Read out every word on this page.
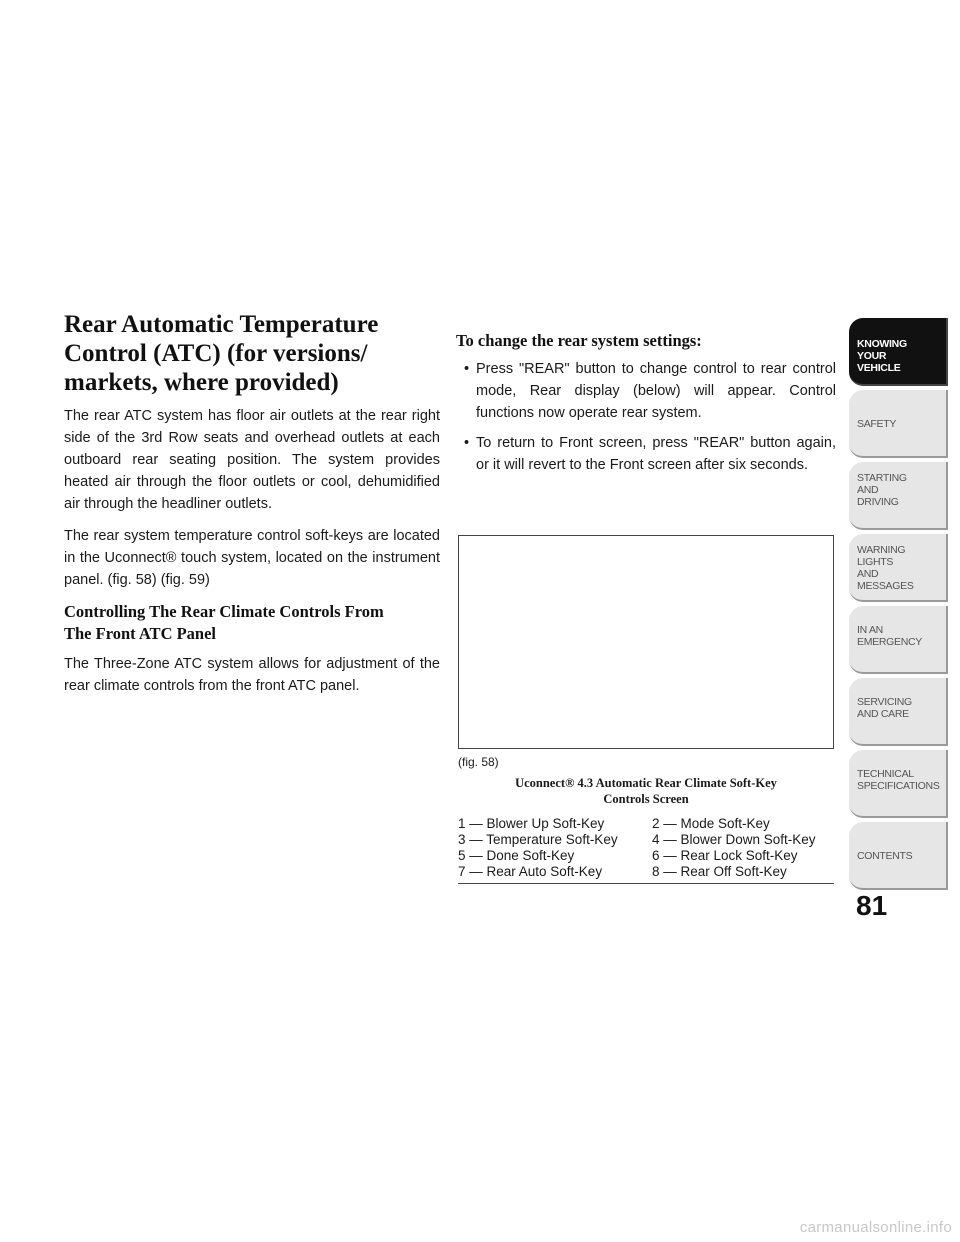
Rear Automatic Temperature
Control (ATC) (for versions/
markets, where provided)

The rear ATC system has floor air outlets at the rear right side of the 3rd Row seats and overhead outlets at each outboard rear seating position. The system provides heated air through the floor outlets or cool, dehumidified air through the headliner outlets.

The rear system temperature control soft-keys are located in the Uconnect® touch system, located on the instrument panel. (fig. 58) (fig. 59)

Controlling The Rear Climate Controls From
The Front ATC Panel

The Three-Zone ATC system allows for adjustment of the rear climate controls from the front ATC panel.

To change the rear system settings:
• Press "REAR" button to change control to rear control mode, Rear display (below) will appear. Control functions now operate rear system.
• To return to Front screen, press "REAR" button again, or it will revert to the Front screen after six seconds.
(fig. 58)
Uconnect® 4.3 Automatic Rear Climate Soft-Key
Controls Screen
1 — Blower Up Soft-Key	2 — Mode Soft-Key
3 — Temperature Soft-Key	4 — Blower Down Soft-Key
5 — Done Soft-Key	6 — Rear Lock Soft-Key
7 — Rear Auto Soft-Key	8 — Rear Off Soft-Key
KNOWING
YOUR
VEHICLE
SAFETY
STARTING
AND
DRIVING
WARNING
LIGHTS
AND
MESSAGES
IN AN
EMERGENCY
SERVICING
AND CARE
TECHNICAL
SPECIFICATIONS
CONTENTS
81
carmanualsonline.info
